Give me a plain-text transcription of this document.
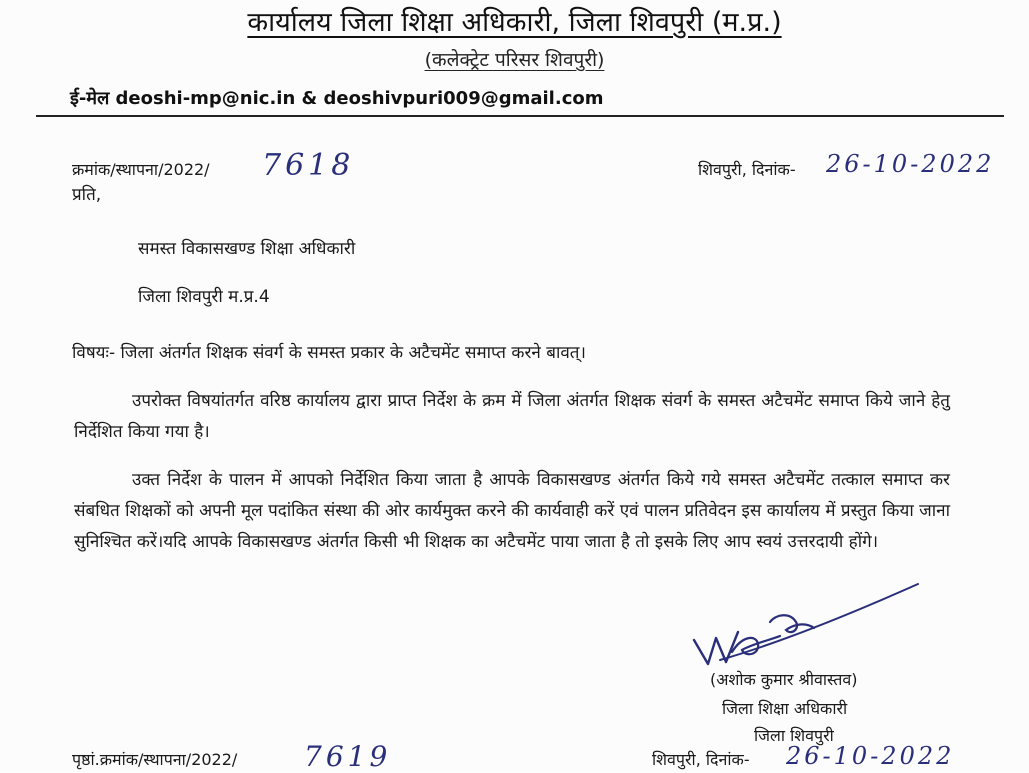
कार्यालय जिला शिक्षा अधिकारी, जिला शिवपुरी (म.प्र.)
(कलेक्ट्रेट परिसर शिवपुरी)
ई-मेल deoshi-mp@nic.in & deoshivpuri009@gmail.com
क्रमांक/स्थापना/2022/ 7618	शिवपुरी, दिनांक- 26-10-2022
प्रति,
समस्त विकासखण्ड शिक्षा अधिकारी
जिला शिवपुरी म.प्र.4
विषयः- जिला अंतर्गत शिक्षक संवर्ग के समस्त प्रकार के अटैचमेंट समाप्त करने बावत्।

उपरोक्त विषयांतर्गत वरिष्ठ कार्यालय द्वारा प्राप्त निर्देश के क्रम में जिला अंतर्गत शिक्षक संवर्ग के समस्त अटैचमेंट समाप्त किये जाने हेतु निर्देशित किया गया है।

उक्त निर्देश के पालन में आपको निर्देशित किया जाता है आपके विकासखण्ड अंतर्गत किये गये समस्त अटैचमेंट तत्काल समाप्त कर संबधित शिक्षकों को अपनी मूल पदांकित संस्था की ओर कार्यमुक्त करने की कार्यवाही करें एवं पालन प्रतिवेदन इस कार्यालय में प्रस्तुत किया जाना सुनिश्चित करें।यदि आपके विकासखण्ड अंतर्गत किसी भी शिक्षक का अटैचमेंट पाया जाता है तो इसके लिए आप स्वयं उत्तरदायी होंगे।

(अशोक कुमार श्रीवास्तव)
जिला शिक्षा अधिकारी
जिला शिवपुरी
पृष्ठां.क्रमांक/स्थापना/2022/ 7619	शिवपुरी, दिनांक- 26-10-2022
